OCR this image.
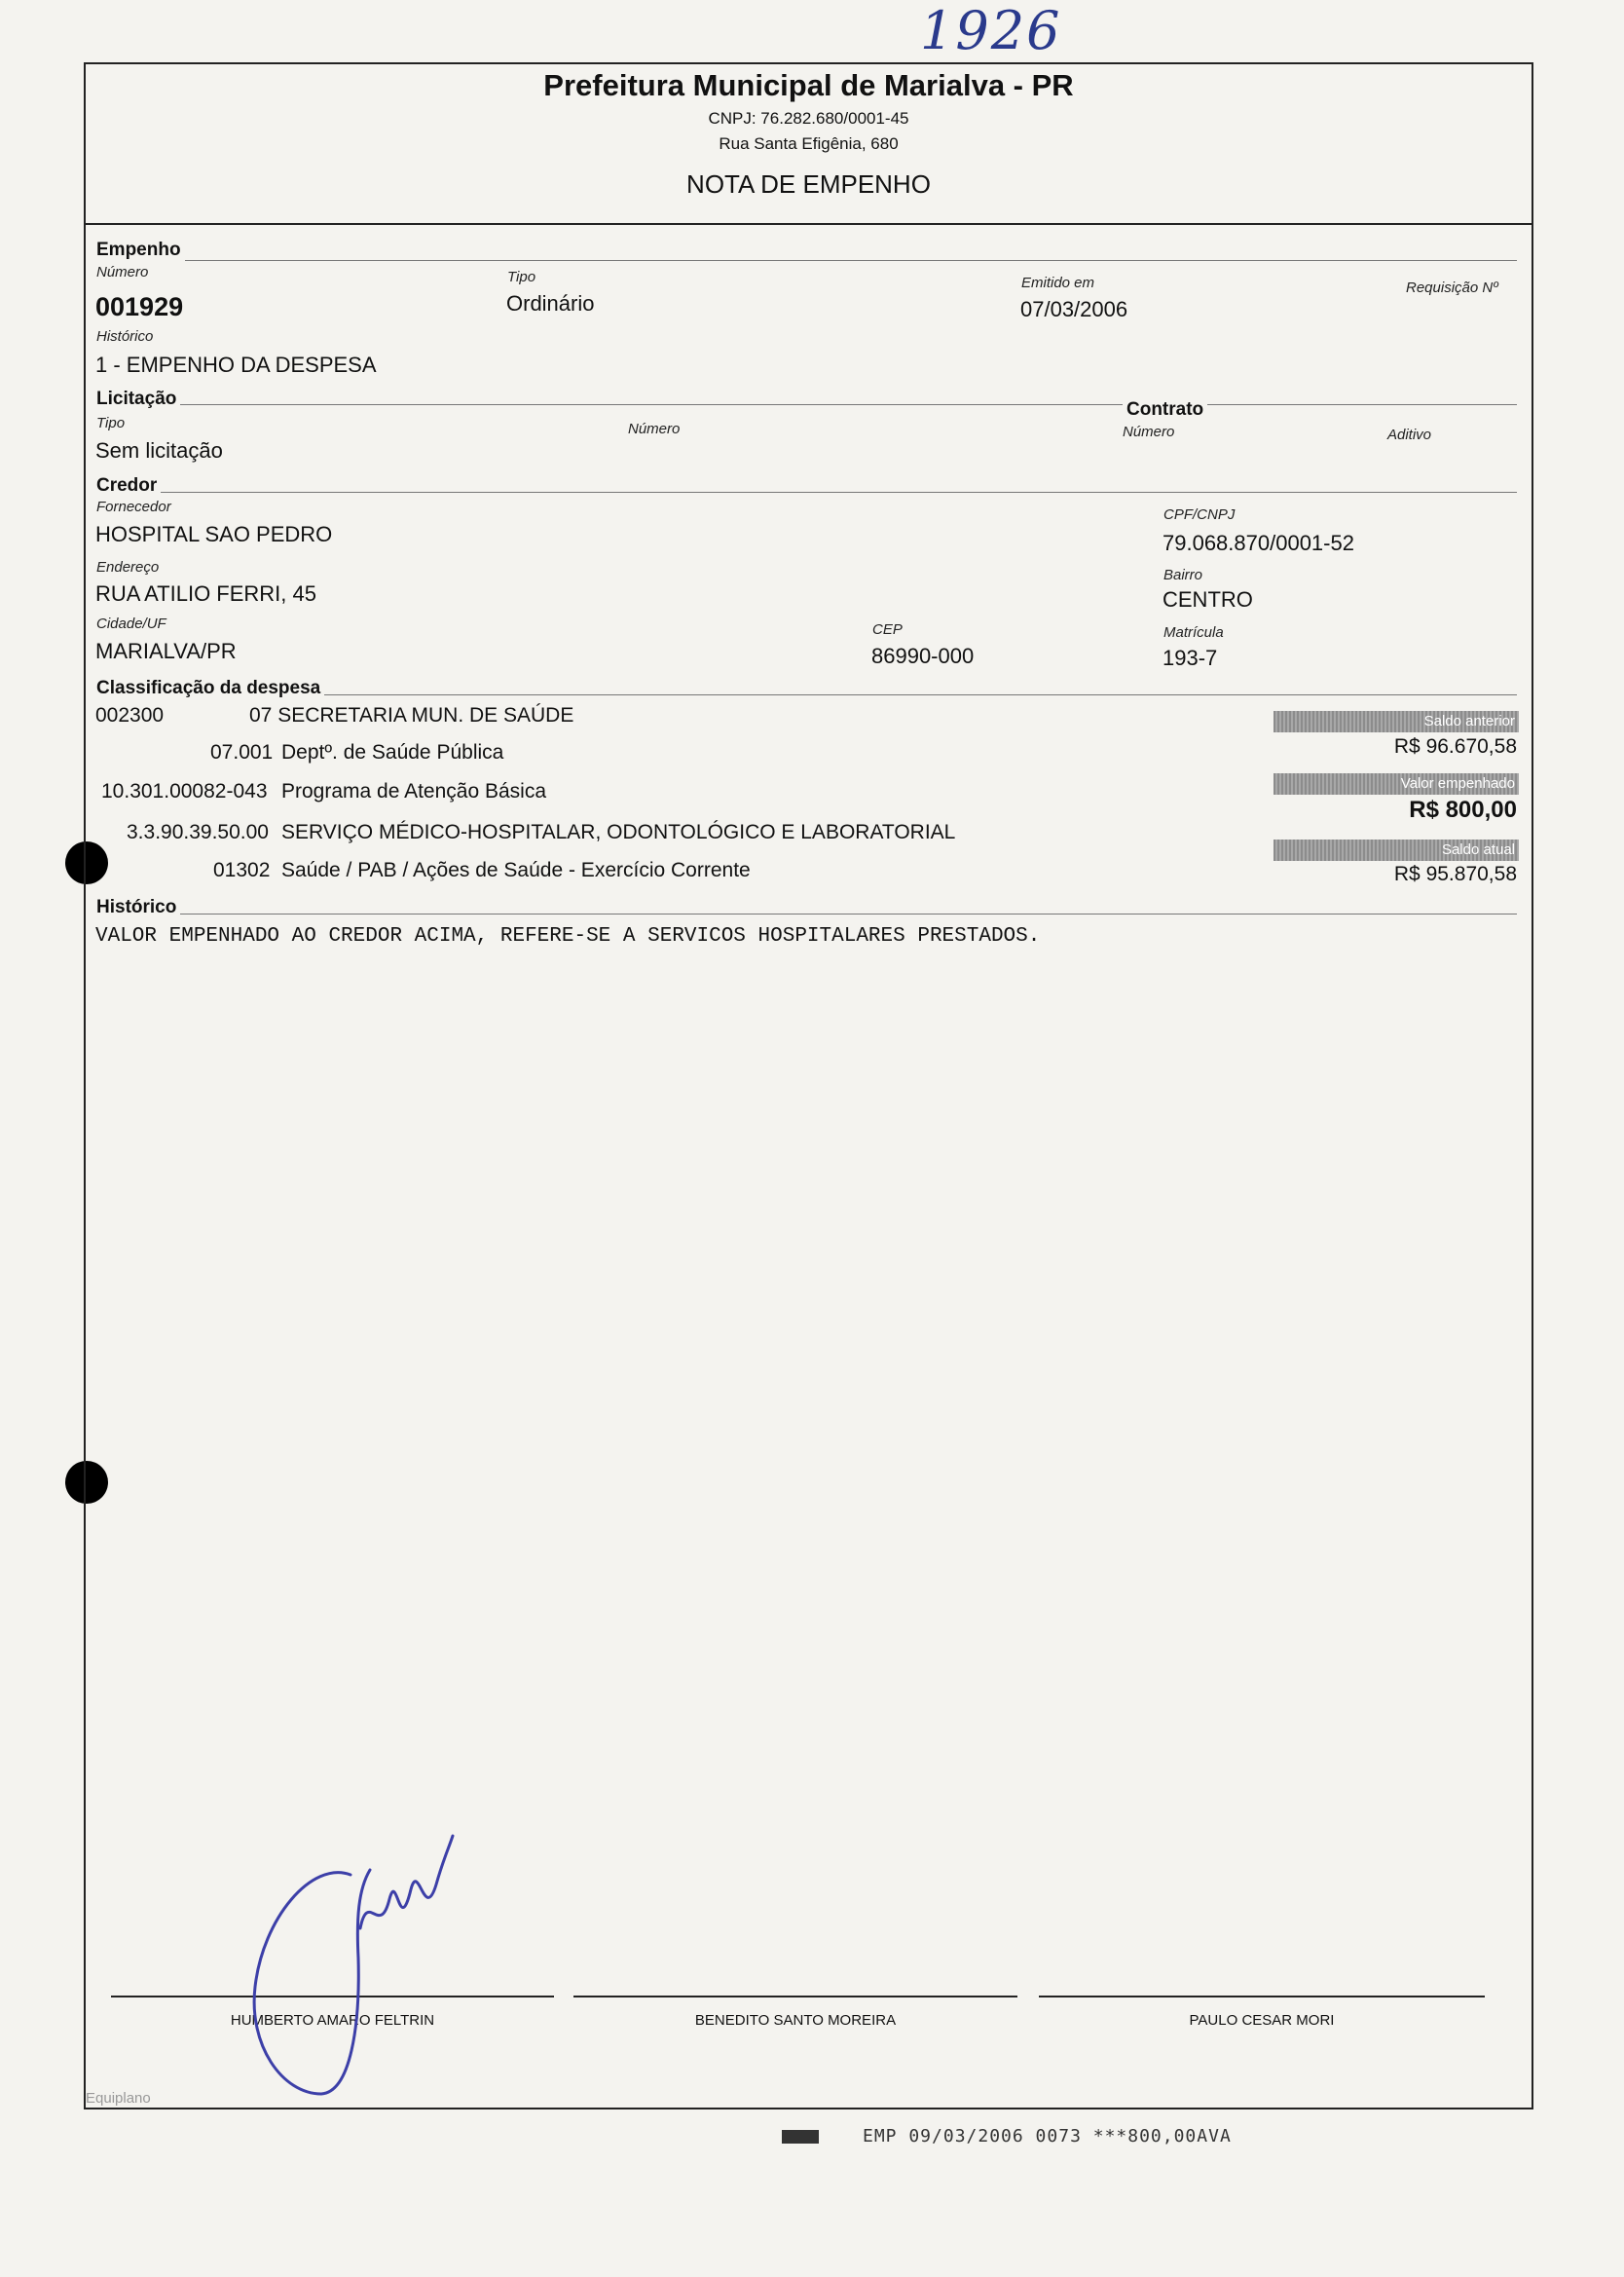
1926
Prefeitura Municipal de Marialva - PR
CNPJ: 76.282.680/0001-45
Rua Santa Efigênia, 680
NOTA DE EMPENHO
Empenho
Número
001929
Tipo
Ordinário
Emitido em
07/03/2006
Requisição Nº
Histórico
1 - EMPENHO DA DESPESA
Licitação
Contrato
Tipo
Sem licitação
Número	Número	Aditivo
Credor
Fornecedor
HOSPITAL SAO PEDRO
CPF/CNPJ
79.068.870/0001-52
Endereço
RUA ATILIO FERRI, 45
Bairro
CENTRO
Cidade/UF
MARIALVA/PR
CEP
86990-000
Matrícula
193-7
Classificação da despesa
002300	07 SECRETARIA MUN. DE SAÚDE
07.001 Deptº. de Saúde Pública
10.301.00082-043 Programa de Atenção Básica
3.3.90.39.50.00 SERVIÇO MÉDICO-HOSPITALAR, ODONTOLÓGICO E LABORATORIAL
01302 Saúde / PAB / Ações de Saúde - Exercício Corrente
Saldo anterior
R$ 96.670,58
Valor empenhado
R$ 800,00
Saldo atual
R$ 95.870,58
Histórico
VALOR EMPENHADO AO CREDOR ACIMA, REFERE-SE A SERVICOS HOSPITALARES PRESTADOS.
HUMBERTO AMARO FELTRIN	BENEDITO SANTO MOREIRA	PAULO CESAR MORI
Equiplano
EMP 09/03/2006 0073 ***800,00AVA
